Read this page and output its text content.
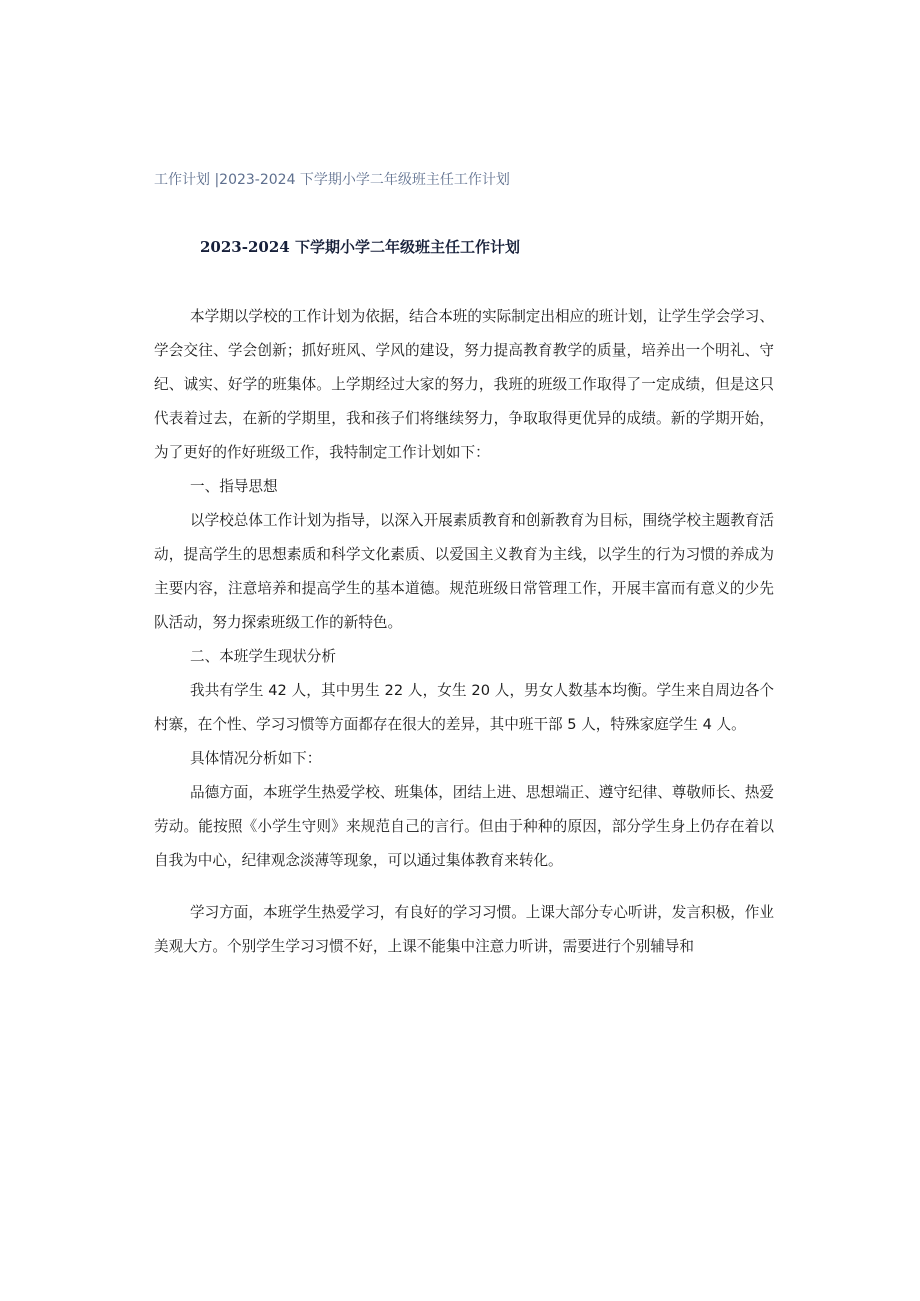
工作计划 |2023-2024 下学期小学二年级班主任工作计划
2023-2024 下学期小学二年级班主任工作计划

本学期以学校的工作计划为依据，结合本班的实际制定出相应的班计划，让学生学会学习、学会交往、学会创新；抓好班风、学风的建设，努力提高教育教学的质量，培养出一个明礼、守纪、诚实、好学的班集体。上学期经过大家的努力，我班的班级工作取得了一定成绩，但是这只代表着过去，在新的学期里，我和孩子们将继续努力，争取取得更优异的成绩。新的学期开始，为了更好的作好班级工作，我特制定工作计划如下：

一、指导思想

以学校总体工作计划为指导，以深入开展素质教育和创新教育为目标，围绕学校主题教育活动，提高学生的思想素质和科学文化素质、以爱国主义教育为主线，以学生的行为习惯的养成为主要内容，注意培养和提高学生的基本道德。规范班级日常管理工作，开展丰富而有意义的少先队活动，努力探索班级工作的新特色。

二、本班学生现状分析

我共有学生 42 人，其中男生 22 人，女生 20 人，男女人数基本均衡。学生来自周边各个村寨，在个性、学习习惯等方面都存在很大的差异，其中班干部 5 人，特殊家庭学生 4 人。

具体情况分析如下：

品德方面，本班学生热爱学校、班集体，团结上进、思想端正、遵守纪律、尊敬师长、热爱劳动。能按照《小学生守则》来规范自己的言行。但由于种种的原因，部分学生身上仍存在着以自我为中心，纪律观念淡薄等现象，可以通过集体教育来转化。

学习方面，本班学生热爱学习，有良好的学习习惯。上课大部分专心听讲，发言积极，作业美观大方。个别学生学习习惯不好，上课不能集中注意力听讲，需要进行个别辅导和
